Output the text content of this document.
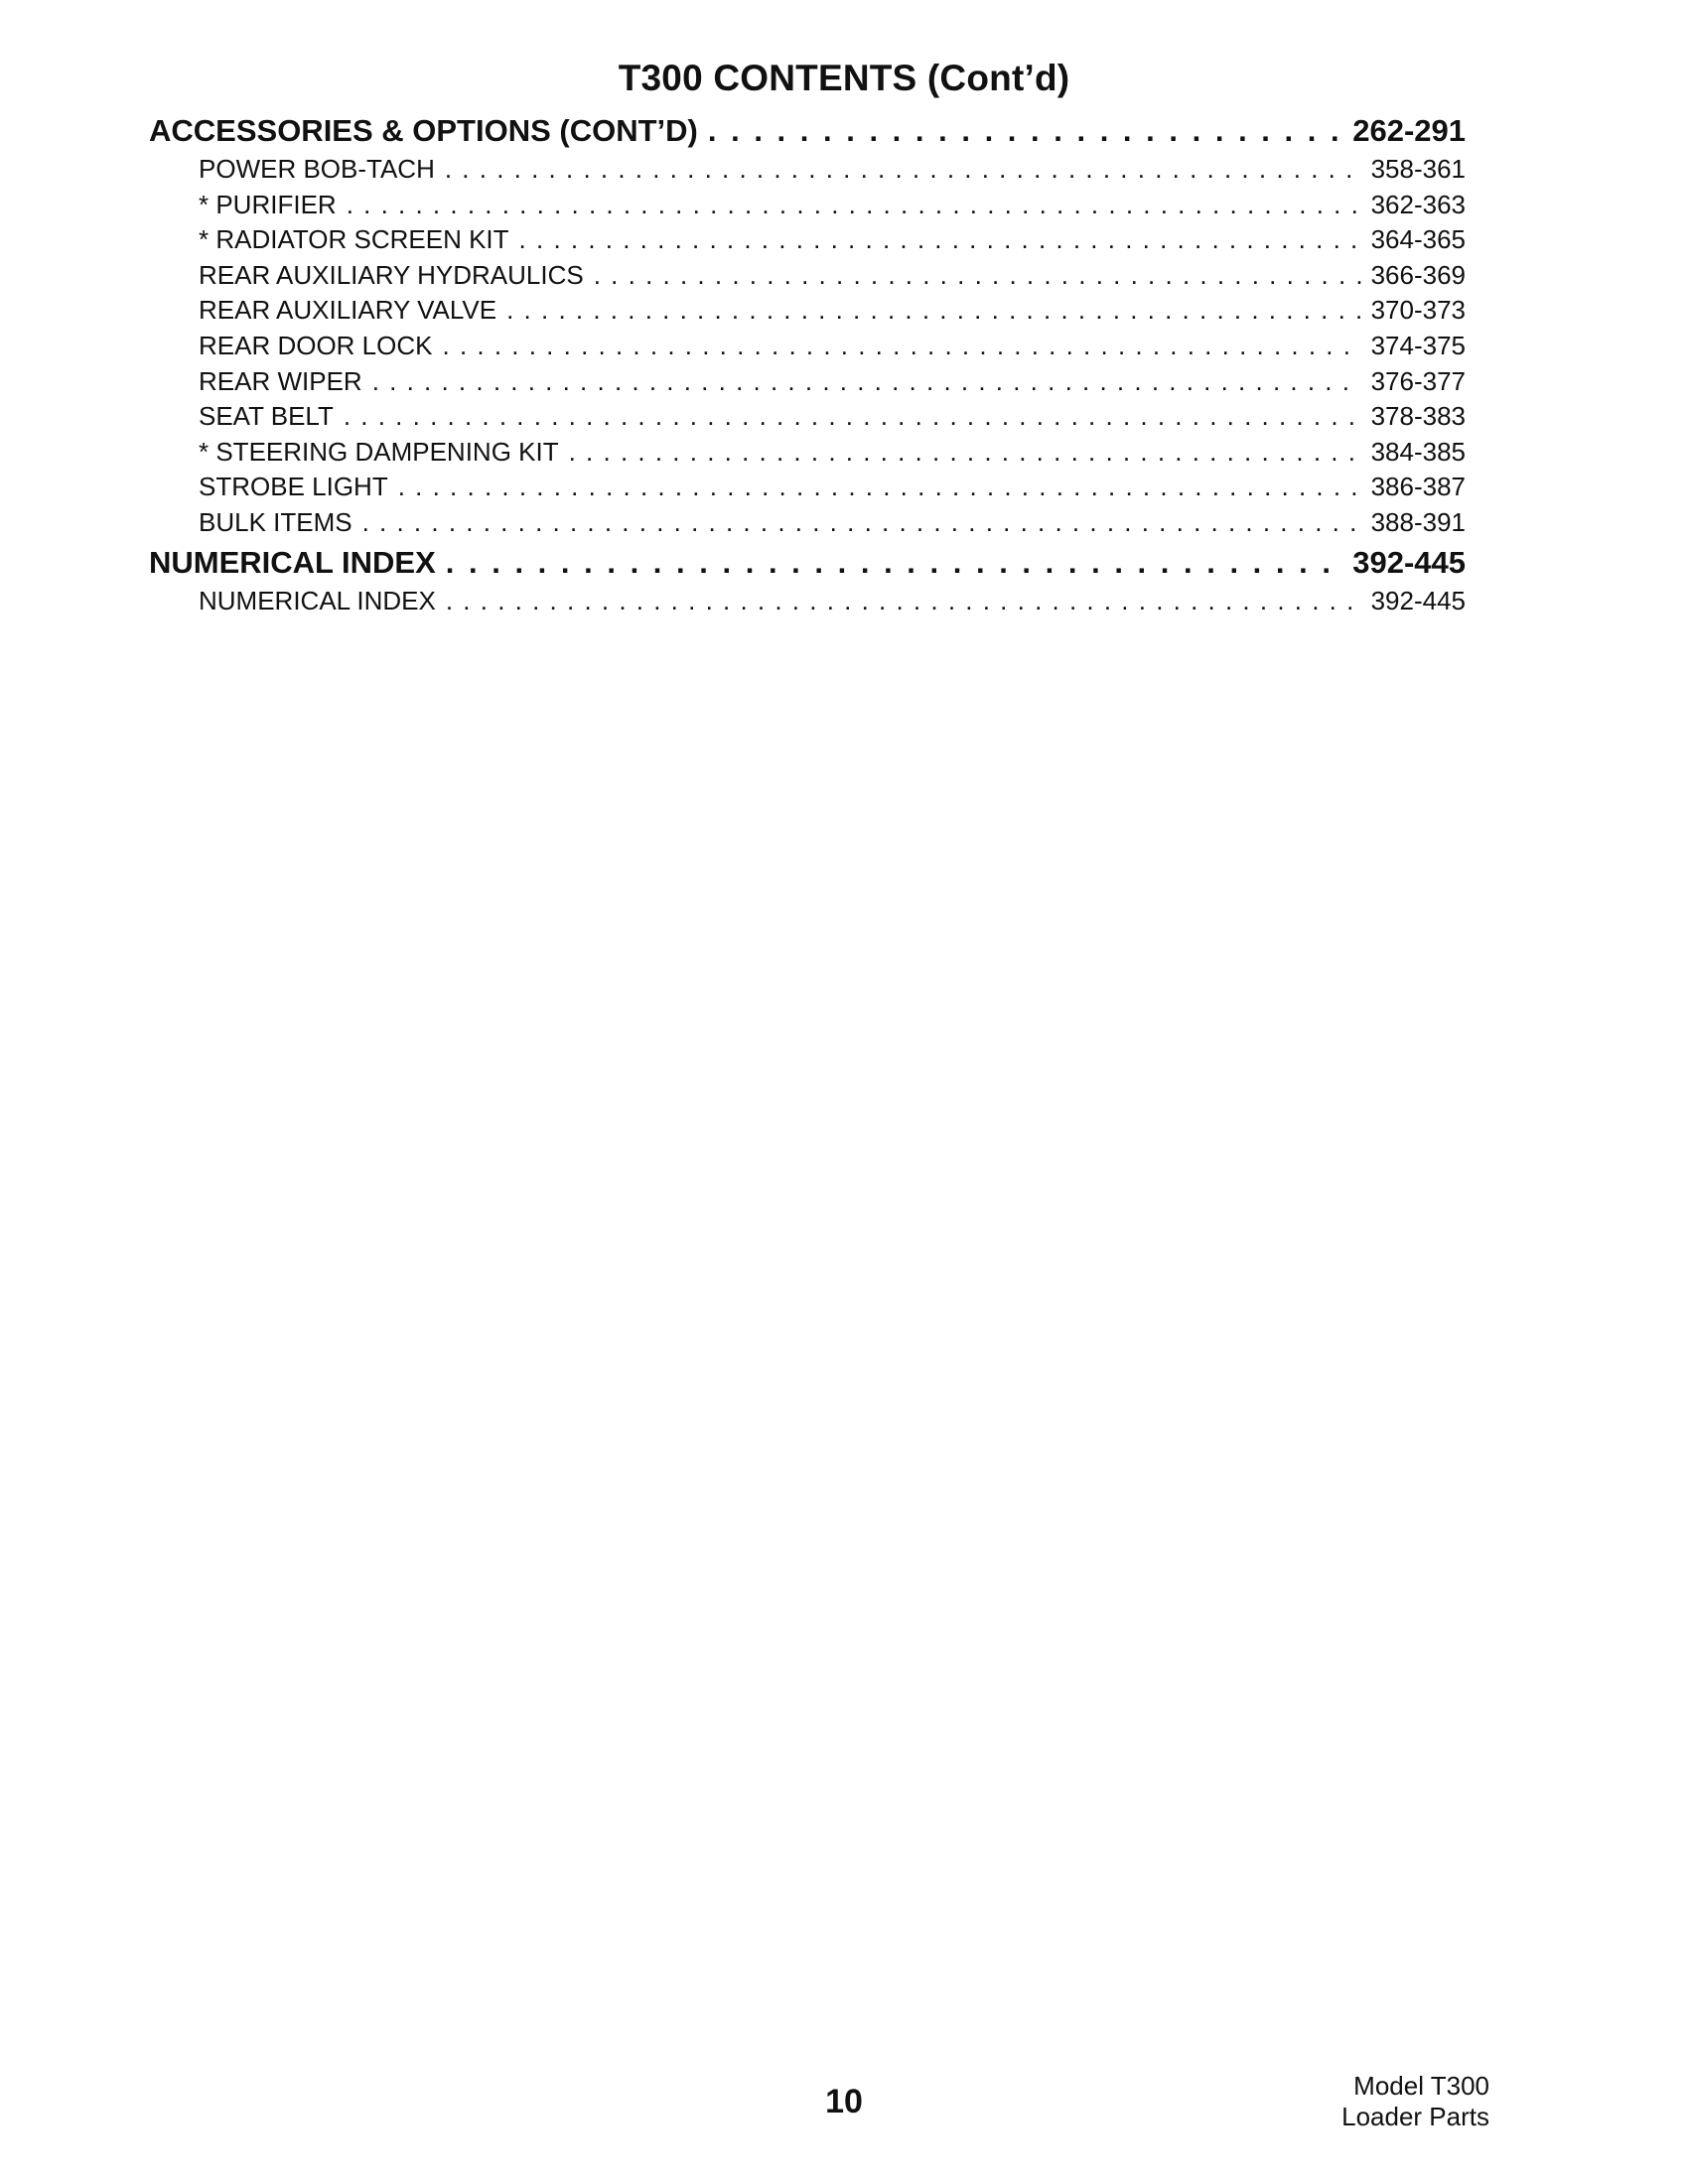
T300 CONTENTS (Cont’d)
ACCESSORIES & OPTIONS (CONT’D) . . .	262-291
POWER BOB-TACH . . .	358-361
* PURIFIER . . .	362-363
* RADIATOR SCREEN KIT . . .	364-365
REAR AUXILIARY HYDRAULICS . . .	366-369
REAR AUXILIARY VALVE . . .	370-373
REAR DOOR LOCK . . .	374-375
REAR WIPER . . .	376-377
SEAT BELT . . .	378-383
* STEERING DAMPENING KIT . . .	384-385
STROBE LIGHT . . .	386-387
BULK ITEMS . . .	388-391
NUMERICAL INDEX . . .	392-445
NUMERICAL INDEX . . .	392-445
10	Model T300
Loader Parts
